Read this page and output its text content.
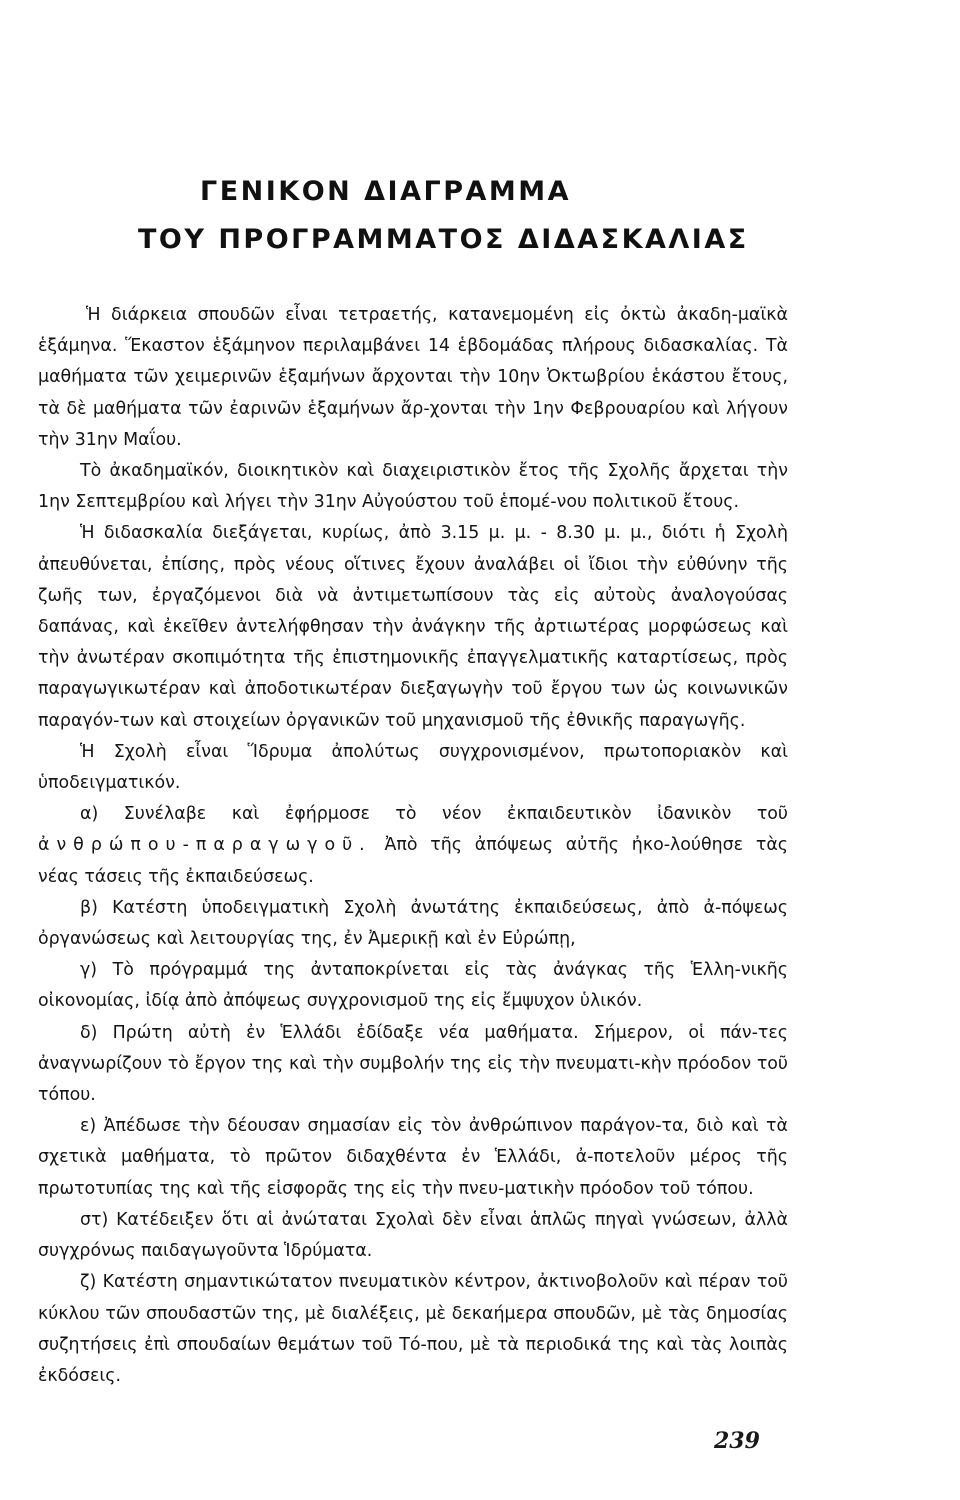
ΓΕΝΙΚΟΝ ΔΙΑΓΡΑΜΜΑ
ΤΟΥ ΠΡΟΓΡΑΜΜΑΤΟΣ ΔΙΔΑΣΚΑΛΙΑΣ

Ἡ διάρκεια σπουδῶν εἶναι τετραετής, κατανεμομένη εἰς ὀκτὼ ἀκαδη-μαϊκὰ ἑξάμηνα. Ἕκαστον ἑξάμηνον περιλαμβάνει 14 ἑβδομάδας πλήρους διδασκαλίας. Τὰ μαθήματα τῶν χειμερινῶν ἑξαμήνων ἄρχονται τὴν 10ην Ὀκτωβρίου ἑκάστου ἔτους, τὰ δὲ μαθήματα τῶν ἐαρινῶν ἑξαμήνων ἄρ-χονται τὴν 1ην Φεβρουαρίου καὶ λήγουν τὴν 31ην Μαΐου.

Τὸ ἀκαδημαϊκόν, διοικητικὸν καὶ διαχειριστικὸν ἔτος τῆς Σχολῆς ἄρχεται τὴν 1ην Σεπτεμβρίου καὶ λήγει τὴν 31ην Αὐγούστου τοῦ ἑπομέ-νου πολιτικοῦ ἔτους.

Ἡ διδασκαλία διεξάγεται, κυρίως, ἀπὸ 3.15 μ. μ. - 8.30 μ. μ., διότι ἡ Σχολὴ ἀπευθύνεται, ἐπίσης, πρὸς νέους οἵτινες ἔχουν ἀναλάβει οἱ ἴδιοι τὴν εὐθύνην τῆς ζωῆς των, ἐργαζόμενοι διὰ νὰ ἀντιμετωπίσουν τὰς εἰς αὐτοὺς ἀναλογούσας δαπάνας, καὶ ἐκεῖθεν ἀντελήφθησαν τὴν ἀνάγκην τῆς ἀρτιωτέρας μορφώσεως καὶ τὴν ἀνωτέραν σκοπιμότητα τῆς ἐπιστημονικῆς ἐπαγγελματικῆς καταρτίσεως, πρὸς παραγωγικωτέραν καὶ ἀποδοτικωτέραν διεξαγωγὴν τοῦ ἔργου των ὡς κοινωνικῶν παραγόν-των καὶ στοιχείων ὀργανικῶν τοῦ μηχανισμοῦ τῆς ἐθνικῆς παραγωγῆς.

Ἡ Σχολὴ εἶναι Ἵδρυμα ἀπολύτως συγχρονισμένον, πρωτοποριακὸν καὶ ὑποδειγματικόν.

α) Συνέλαβε καὶ ἐφήρμοσε τὸ νέον ἐκπαιδευτικὸν ἰδανικὸν τοῦ ἀνθρώπου-παραγωγοῦ. Ἀπὸ τῆς ἀπόψεως αὐτῆς ἠκο-λούθησε τὰς νέας τάσεις τῆς ἐκπαιδεύσεως.

β) Κατέστη ὑποδειγματικὴ Σχολὴ ἀνωτάτης ἐκπαιδεύσεως, ἀπὸ ἀ-πόψεως ὀργανώσεως καὶ λειτουργίας της, ἐν Ἀμερικῇ καὶ ἐν Εὐρώπῃ,

γ) Τὸ πρόγραμμά της ἀνταποκρίνεται εἰς τὰς ἀνάγκας τῆς Ἑλλη-νικῆς οἰκονομίας, ἰδίᾳ ἀπὸ ἀπόψεως συγχρονισμοῦ της εἰς ἔμψυχον ὑλικόν.

δ) Πρώτη αὐτὴ ἐν Ἑλλάδι ἐδίδαξε νέα μαθήματα. Σήμερον, οἱ πάν-τες ἀναγνωρίζουν τὸ ἔργον της καὶ τὴν συμβολήν της εἰς τὴν πνευματι-κὴν πρόοδον τοῦ τόπου.

ε) Ἀπέδωσε τὴν δέουσαν σημασίαν εἰς τὸν ἀνθρώπινον παράγον-τα, διὸ καὶ τὰ σχετικὰ μαθήματα, τὸ πρῶτον διδαχθέντα ἐν Ἑλλάδι, ἀ-ποτελοῦν μέρος τῆς πρωτοτυπίας της καὶ τῆς εἰσφορᾶς της εἰς τὴν πνευ-ματικὴν πρόοδον τοῦ τόπου.

στ) Κατέδειξεν ὅτι αἱ ἀνώταται Σχολαὶ δὲν εἶναι ἁπλῶς πηγαὶ γνώσεων, ἀλλὰ συγχρόνως παιδαγωγοῦντα Ἱδρύματα.

ζ) Κατέστη σημαντικώτατον πνευματικὸν κέντρον, ἀκτινοβολοῦν καὶ πέραν τοῦ κύκλου τῶν σπουδαστῶν της, μὲ διαλέξεις, μὲ δεκαήμερα σπουδῶν, μὲ τὰς δημοσίας συζητήσεις ἐπὶ σπουδαίων θεμάτων τοῦ Τό-που, μὲ τὰ περιοδικά της καὶ τὰς λοιπὰς ἐκδόσεις.

239
